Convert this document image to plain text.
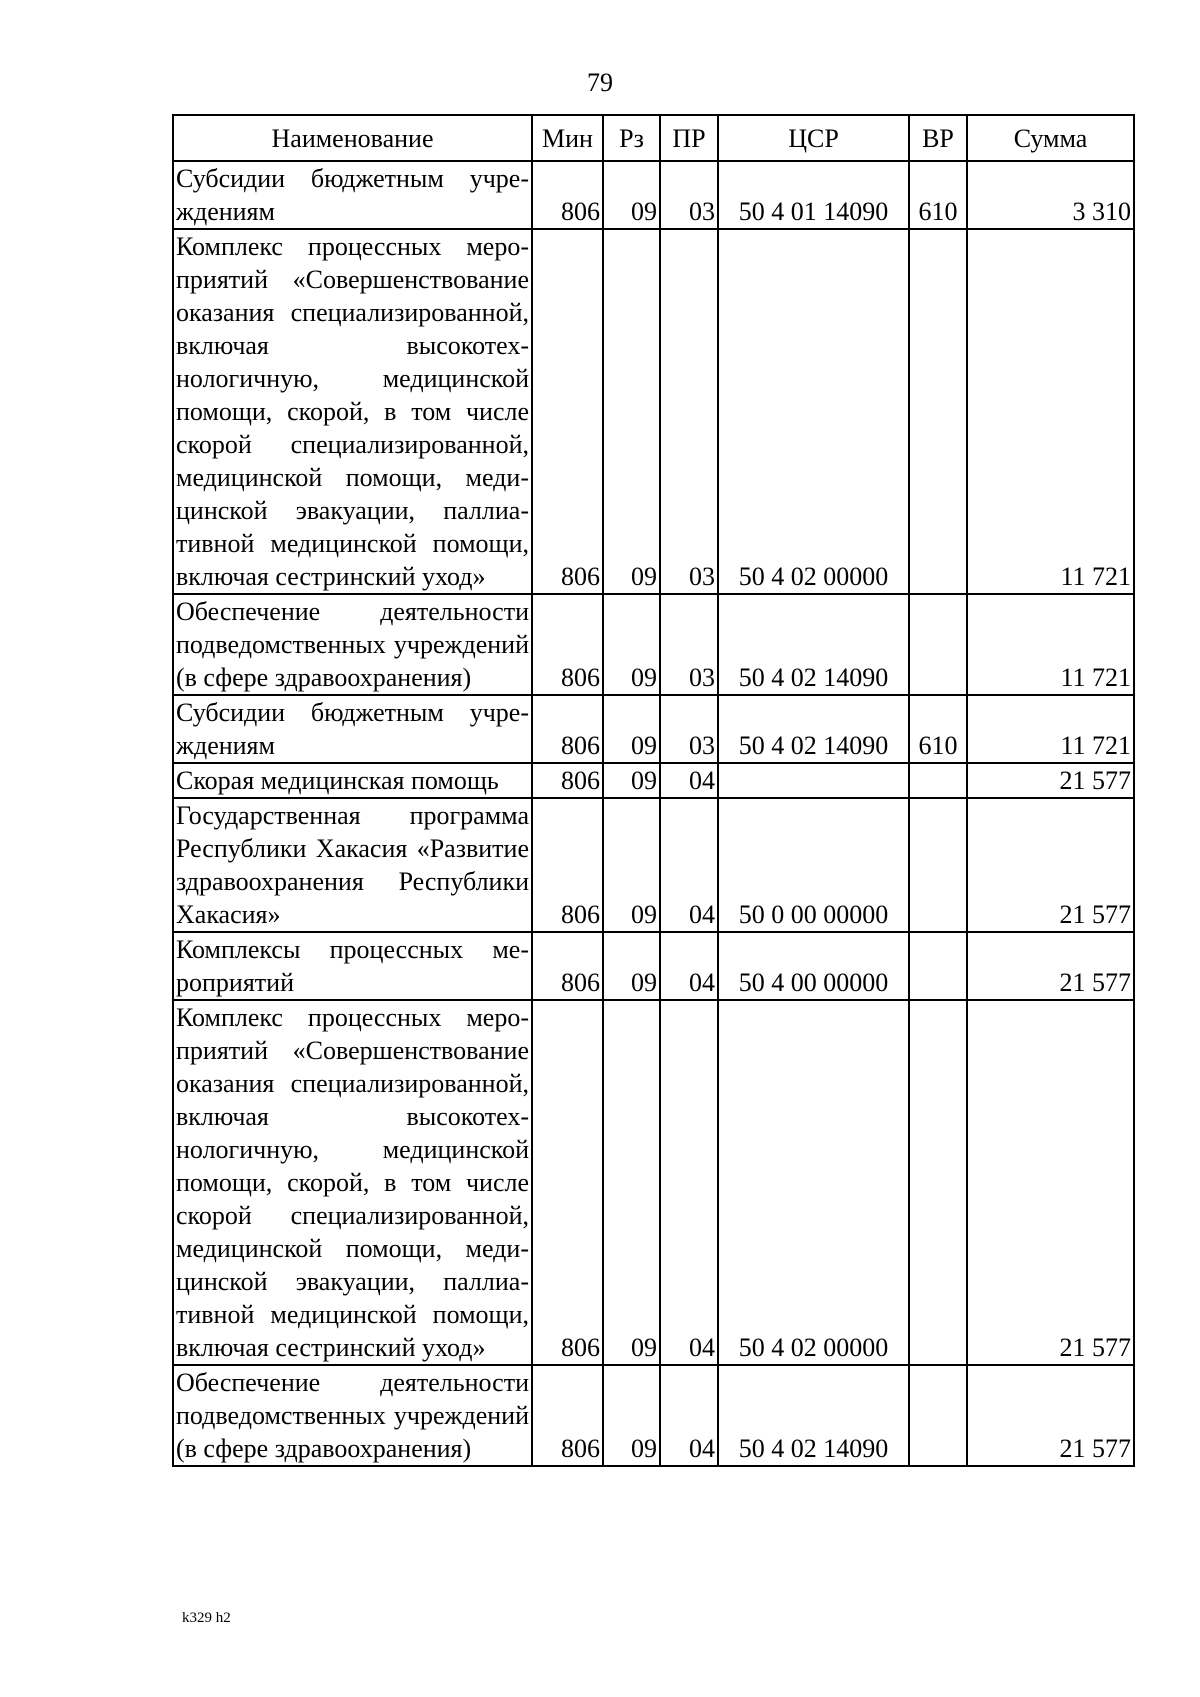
79
Наименование	Мин	Рз	ПР	ЦСР	ВР	Сумма
Субсидии бюджетным учреждениям	806	09	03	50 4 01 14090	610	3 310
Комплекс процессных мероприятий «Совершенствование оказания специализированной, включая высокотехнологичную, медицинской помощи, скорой, в том числе скорой специализированной, медицинской помощи, медицинской эвакуации, паллиативной медицинской помощи, включая сестринский уход»	806	09	03	50 4 02 00000		11 721
Обеспечение деятельности подведомственных учреждений (в сфере здравоохранения)	806	09	03	50 4 02 14090		11 721
Субсидии бюджетным учреждениям	806	09	03	50 4 02 14090	610	11 721
Скорая медицинская помощь	806	09	04			21 577
Государственная программа Республики Хакасия «Развитие здравоохранения Республики Хакасия»	806	09	04	50 0 00 00000		21 577
Комплексы процессных мероприятий	806	09	04	50 4 00 00000		21 577
Комплекс процессных мероприятий «Совершенствование оказания специализированной, включая высокотехнологичную, медицинской помощи, скорой, в том числе скорой специализированной, медицинской помощи, медицинской эвакуации, паллиативной медицинской помощи, включая сестринский уход»	806	09	04	50 4 02 00000		21 577
Обеспечение деятельности подведомственных учреждений (в сфере здравоохранения)	806	09	04	50 4 02 14090		21 577
k329 h2
